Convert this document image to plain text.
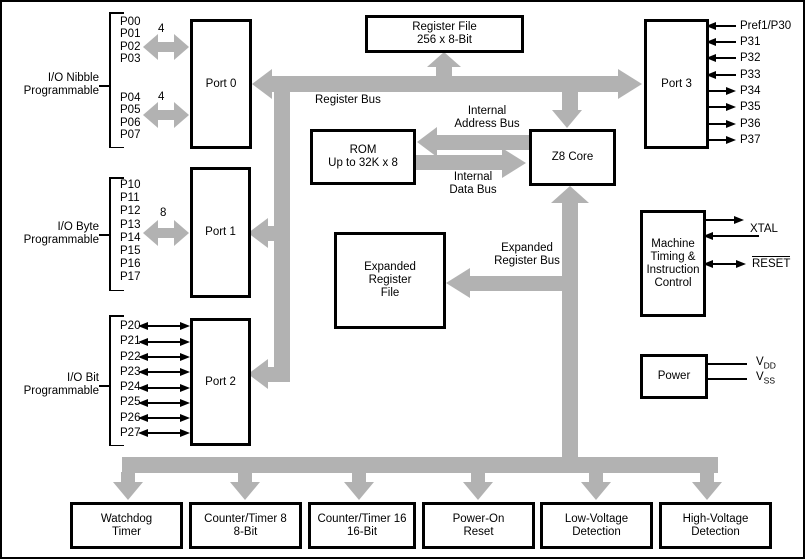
Port 0
Port 1
Port 2
Register File
256 x 8-Bit
ROM
Up to 32K x 8	Z8 Core
Expanded
Register
File
Port 3
Machine
Timing &
Instruction
Control
Power
Watchdog
Timer
Counter/Timer 8
8-Bit
Counter/Timer 16
16-Bit
Power-On
Reset
Low-Voltage
Detection
High-Voltage
Detection
I/O Nibble
Programmable
I/O Byte
Programmable
I/O Bit
Programmable
4
4
8
P00
P01
P02
P03
P04
P05
P06
P07
P10
P11
P12
P13
P14
P15
P16
P17
P20
P21
P22
P23
P24
P25
P26
P27
Register Bus
Internal
Address Bus
Internal
Data Bus
Expanded
Register Bus
Pref1/P30
P31
P32
P33
P34
P35
P36
P37
XTAL
RESET
$V_{DD}$
$V_{SS}$
